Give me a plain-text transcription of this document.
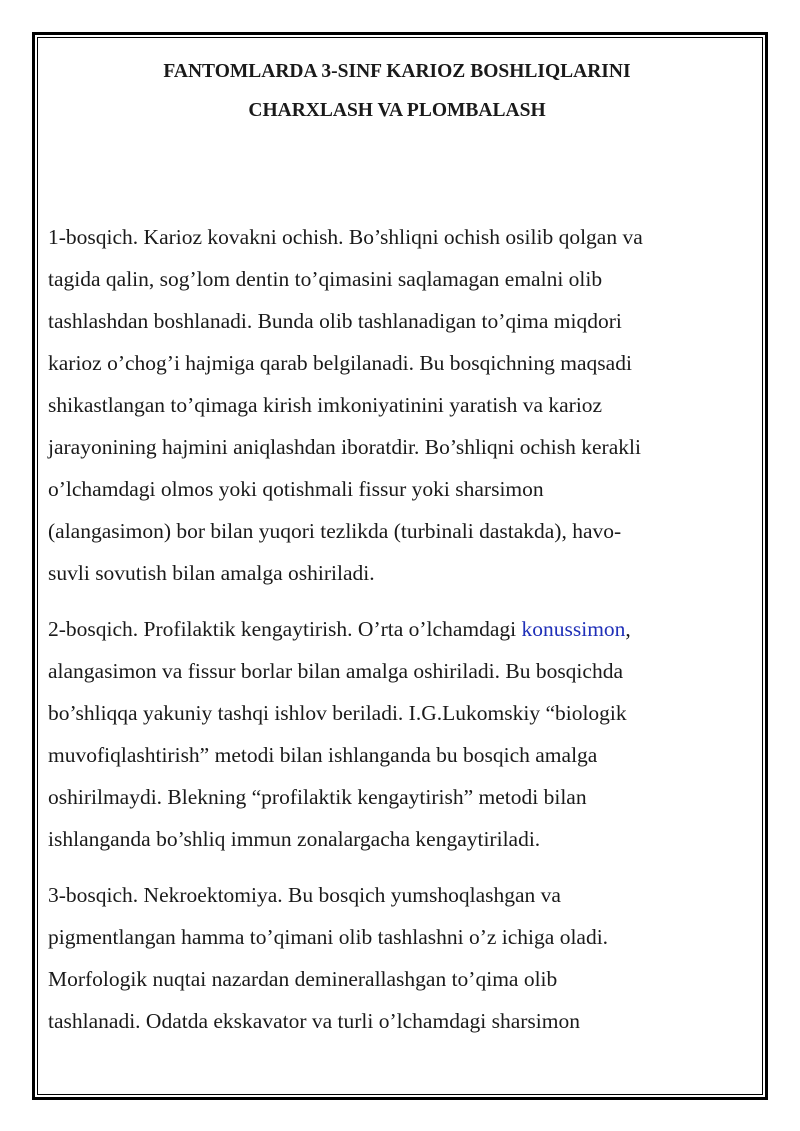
FANTOMLARDA 3-SINF KARIOZ BOSHLIQLARINI
CHARXLASH VA PLOMBALASH

1-bosqich. Karioz kovakni ochish. Bo’shliqni ochish osilib qolgan va
tagida qalin, sog’lom dentin to’qimasini saqlamagan emalni olib
tashlashdan boshlanadi. Bunda olib tashlanadigan to’qima miqdori
karioz o’chog’i hajmiga qarab belgilanadi. Bu bosqichning maqsadi
shikastlangan to’qimaga kirish imkoniyatinini yaratish va karioz
jarayonining hajmini aniqlashdan iboratdir. Bo’shliqni ochish kerakli
o’lchamdagi olmos yoki qotishmali fissur yoki sharsimon
(alangasimon) bor bilan yuqori tezlikda (turbinali dastakda), havo-
suvli sovutish bilan amalga oshiriladi.

2-bosqich. Profilaktik kengaytirish. O’rta o’lchamdagi konussimon,
alangasimon va fissur borlar bilan amalga oshiriladi. Bu bosqichda
bo’shliqqa yakuniy tashqi ishlov beriladi. I.G.Lukomskiy “biologik
muvofiqlashtirish” metodi bilan ishlanganda bu bosqich amalga
oshirilmaydi. Blekning “profilaktik kengaytirish” metodi bilan
ishlanganda bo’shliq immun zonalargacha kengaytiriladi.

3-bosqich. Nekroektomiya. Bu bosqich yumshoqlashgan va
pigmentlangan hamma to’qimani olib tashlashni o’z ichiga oladi.
Morfologik nuqtai nazardan deminerallashgan to’qima olib
tashlanadi. Odatda ekskavator va turli o’lchamdagi sharsimon
